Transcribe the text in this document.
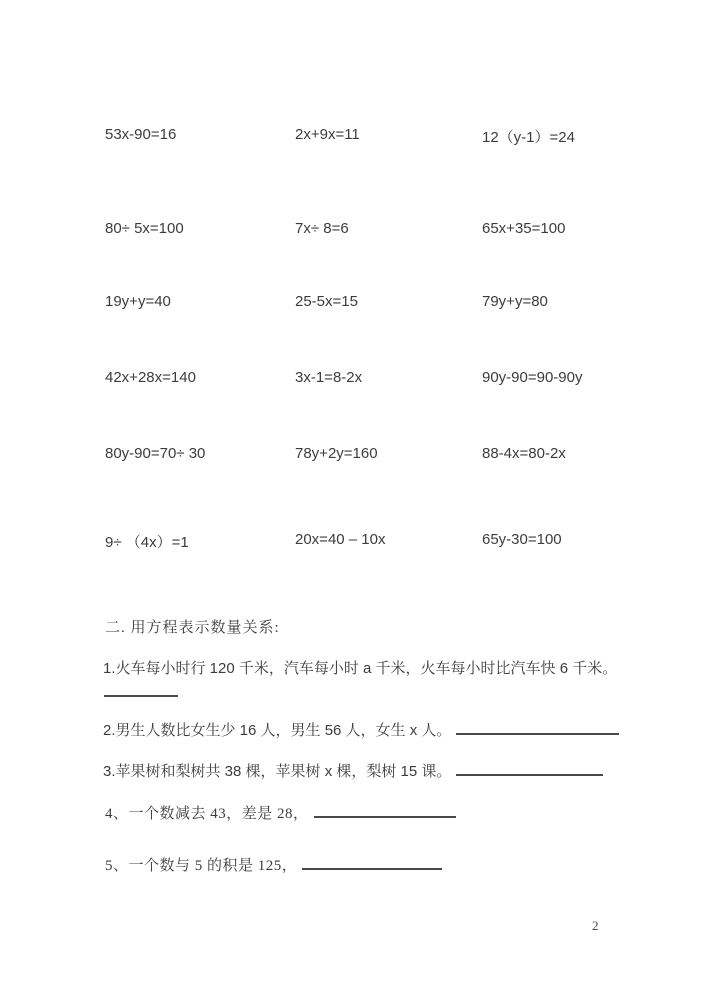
53x-90=16	2x+9x=11	12（y-1）=24
80÷ 5x=100	7x÷ 8=6	65x+35=100
19y+y=40	25-5x=15	79y+y=80
42x+28x=140	3x-1=8-2x	90y-90=90-90y
80y-90=70÷ 30	78y+2y=160	88-4x=80-2x
9÷ （4x）=1	20x=40 – 10x	65y-30=100
二. 用方程表示数量关系:
1.火车每小时行 120 千米，汽车每小时 a 千米，火车每小时比汽车快 6 千米。
2.男生人数比女生少 16 人，男生 56 人，女生 x 人。
3.苹果树和梨树共 38 棵，苹果树 x 棵，梨树 15 课。
4、一个数减去 43，差是 28，
5、一个数与 5 的积是 125，
2
